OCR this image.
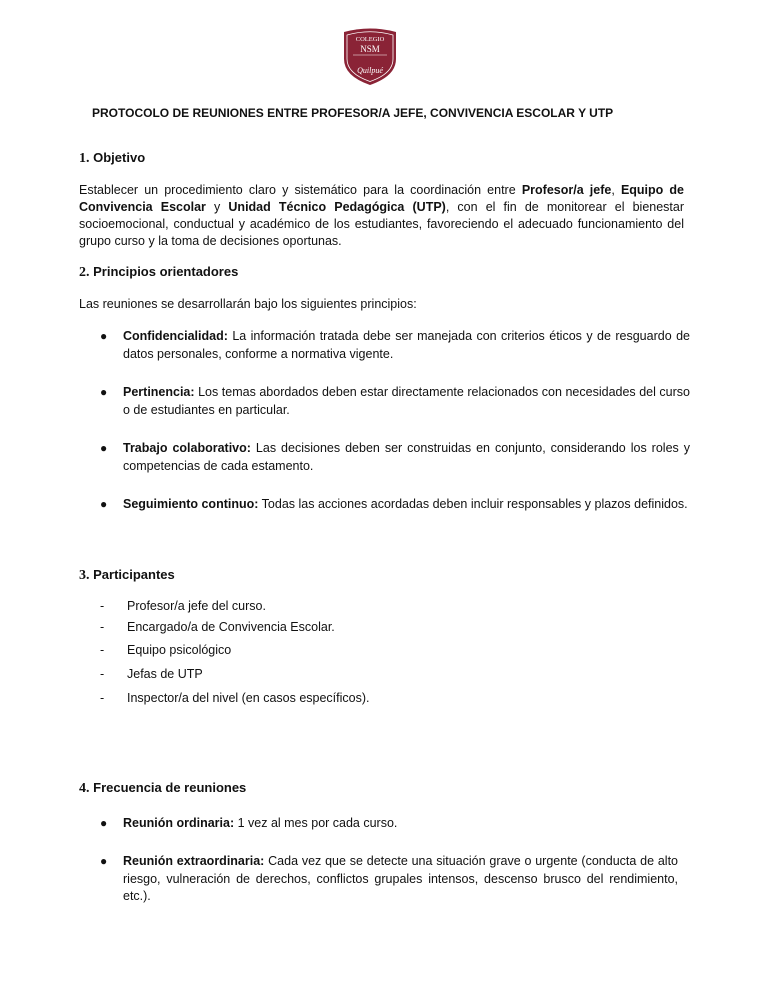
COLEGIO
NSM
Quilpué
PROTOCOLO DE REUNIONES ENTRE PROFESOR/A JEFE, CONVIVENCIA ESCOLAR Y UTP
1. Objetivo
Establecer un procedimiento claro y sistemático para la coordinación entre Profesor/a jefe, Equipo de Convivencia Escolar y Unidad Técnico Pedagógica (UTP), con el fin de monitorear el bienestar socioemocional, conductual y académico de los estudiantes, favoreciendo el adecuado funcionamiento del grupo curso y la toma de decisiones oportunas.
2. Principios orientadores
Las reuniones se desarrollarán bajo los siguientes principios:
● Confidencialidad: La información tratada debe ser manejada con criterios éticos y de resguardo de datos personales, conforme a normativa vigente.
● Pertinencia: Los temas abordados deben estar directamente relacionados con necesidades del curso o de estudiantes en particular.
● Trabajo colaborativo: Las decisiones deben ser construidas en conjunto, considerando los roles y competencias de cada estamento.
● Seguimiento continuo: Todas las acciones acordadas deben incluir responsables y plazos definidos.
3. Participantes
- Profesor/a jefe del curso.
- Encargado/a de Convivencia Escolar.
- Equipo psicológico
- Jefas de UTP
- Inspector/a del nivel (en casos específicos).
4. Frecuencia de reuniones
● Reunión ordinaria: 1 vez al mes por cada curso.
● Reunión extraordinaria: Cada vez que se detecte una situación grave o urgente (conducta de alto riesgo, vulneración de derechos, conflictos grupales intensos, descenso brusco del rendimiento, etc.).
